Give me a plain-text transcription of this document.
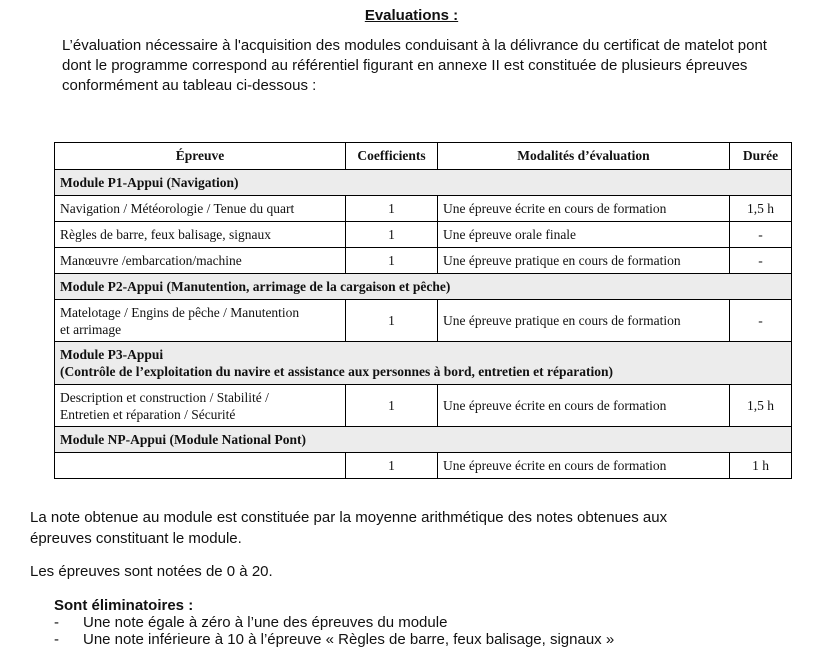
Evaluations :
L’évaluation nécessaire à l'acquisition des modules conduisant à la délivrance du certificat de matelot pont dont le programme correspond au référentiel figurant en annexe II est constituée de plusieurs épreuves conformément au tableau ci-dessous :
Épreuve	Coefficients	Modalités d’évaluation	Durée
Module P1-Appui (Navigation)			
Navigation / Météorologie / Tenue du quart	1	Une épreuve écrite en cours de formation	1,5 h
Règles de barre, feux balisage, signaux	1	Une épreuve orale finale	-
Manœuvre /embarcation/machine	1	Une épreuve pratique en cours de formation	-
Module P2-Appui (Manutention, arrimage de la cargaison et pêche)			

Matelotage / Engins de pêche / Manutention
et arrimage	1	Une épreuve pratique en cours de formation	-

Module P3-Appui
(Contrôle de l’exploitation du navire et assistance aux personnes à bord, entretien et réparation)			

Description et construction / Stabilité /
Entretien et réparation / Sécurité	1	Une épreuve écrite en cours de formation	1,5 h
Module NP-Appui (Module National Pont)			
	1	Une épreuve écrite en cours de formation	1 h
La note obtenue au module est constituée par la moyenne arithmétique des notes obtenues aux épreuves constituant le module.
Les épreuves sont notées de 0 à 20.
Sont éliminatoires :
- Une note égale à zéro à l’une des épreuves du module
- Une note inférieure à 10 à l’épreuve « Règles de barre, feux balisage, signaux »
